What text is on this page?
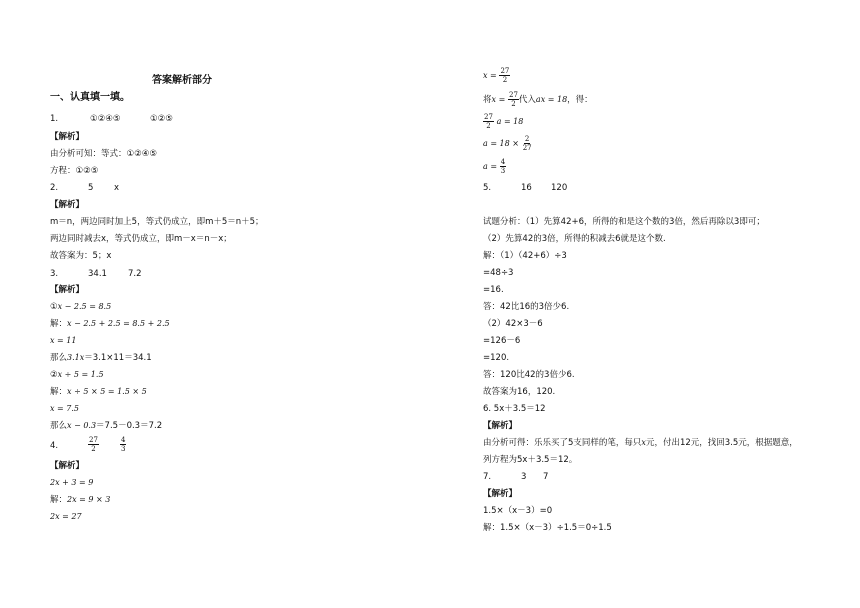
答案解析部分
一、认真填一填。
1.	①②④⑤	①②⑤
【解析】
由分析可知：等式：①②④⑤
方程：①②⑤
2.	5 x
【解析】
m＝n，两边同时加上5，等式仍成立，即m＋5＝n＋5；
两边同时减去x，等式仍成立，即m－x＝n－x；
故答案为：5；x
3.	34.1 7.2
【解析】
①x − 2.5 = 8.5
解：x − 2.5 + 2.5 = 8.5 + 2.5
x = 11
那么3.1x＝3.1×11＝34.1
②x ÷ 5 = 1.5
解：x ÷ 5 × 5 = 1.5 × 5
x = 7.5
那么x − 0.3＝7.5－0.3＝7.2
4.	$\frac{27}{2}$	$\frac{4}{3}$
【解析】
2x + 3 = 9
解：2x = 9 × 3
2x = 27
$x = \frac{27}{2}$
将$x = \frac{27}{2}$ 代入ax = 18，得：
$\frac{27}{2}$ a = 18
$a = 18 \times \frac{2}{27}$
$a = \frac{4}{3}$
5.	16 120
试题分析：（1）先算42+6，所得的和是这个数的3倍，然后再除以3即可；
（2）先算42的3倍，所得的积减去6就是这个数.
解：（1）（42+6）÷3
=48÷3
=16.
答：42比16的3倍少6.
（2）42×3－6
=126－6
=120.
答：120比42的3倍少6.
故答案为16，120.
6. 5x＋3.5＝12
【解析】
由分析可得：乐乐买了5支同样的笔，每只x元，付出12元，找回3.5元，根据题意，
列方程为5x＋3.5＝12。
7.	3 7
【解析】
1.5×（x－3）=0
解：1.5×（x－3）÷1.5＝0÷1.5
